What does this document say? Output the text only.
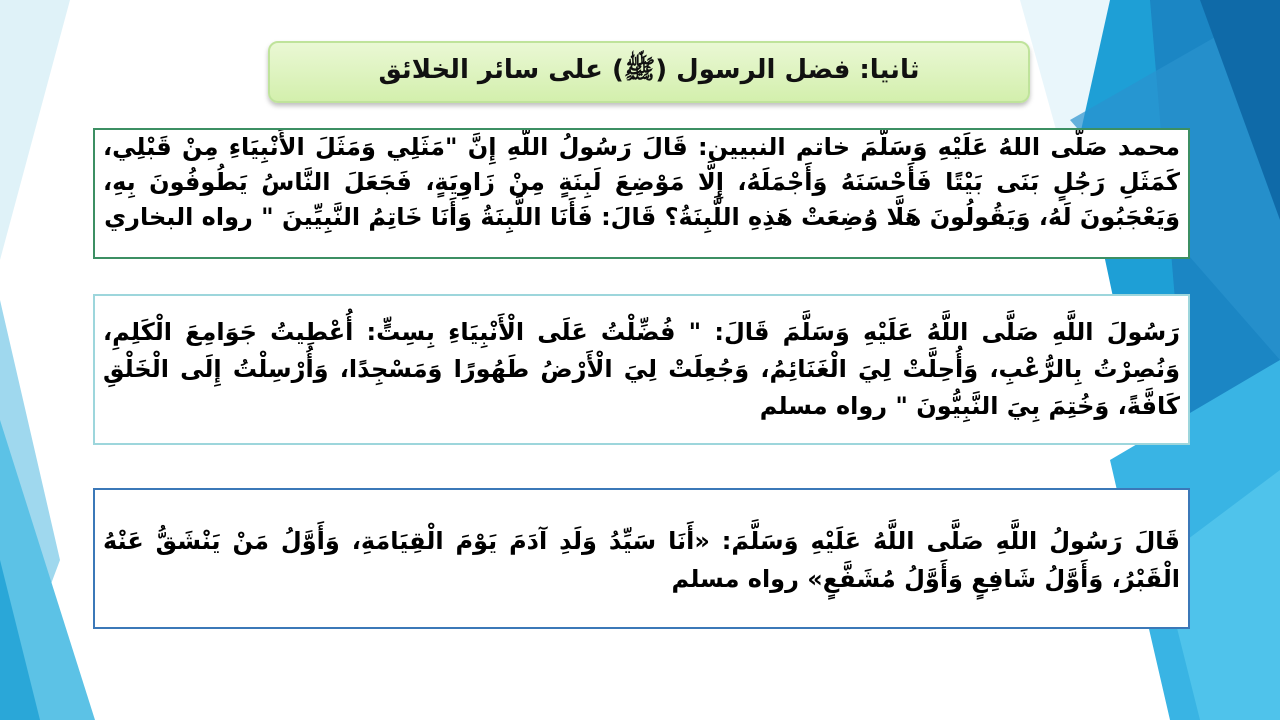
ثانيا: فضل الرسول (ﷺ) على سائر الخلائق
محمد صَلَّى اللهُ عَلَيْهِ وَسَلَّمَ خاتم النبيين: قَالَ رَسُولُ اللَّهِ إِنَّ "مَثَلِي وَمَثَلَ الأَنْبِيَاءِ مِنْ قَبْلِي، كَمَثَلِ رَجُلٍ بَنَى بَيْتًا فَأَحْسَنَهُ وَأَجْمَلَهُ، إِلَّا مَوْضِعَ لَبِنَةٍ مِنْ زَاوِيَةٍ، فَجَعَلَ النَّاسُ يَطُوفُونَ بِهِ، وَيَعْجَبُونَ لَهُ، وَيَقُولُونَ هَلَّا وُضِعَتْ هَذِهِ اللَّبِنَةُ؟ قَالَ: فَأَنَا اللَّبِنَةُ وَأَنَا خَاتِمُ النَّبِيِّينَ " رواه البخاري
رَسُولَ اللَّهِ صَلَّى اللَّهُ عَلَيْهِ وَسَلَّمَ قَالَ: " فُضِّلْتُ عَلَى الْأَنْبِيَاءِ بِسِتٍّ: أُعْطِيتُ جَوَامِعَ الْكَلِمِ، وَنُصِرْتُ بِالرُّعْبِ، وَأُحِلَّتْ لِيَ الْغَنَائِمُ، وَجُعِلَتْ لِيَ الْأَرْضُ طَهُورًا وَمَسْجِدًا، وَأُرْسِلْتُ إِلَى الْخَلْقِ كَافَّةً، وَخُتِمَ بِيَ النَّبِيُّونَ " رواه مسلم
قَالَ رَسُولُ اللَّهِ صَلَّى اللَّهُ عَلَيْهِ وَسَلَّمَ: «أَنَا سَيِّدُ وَلَدِ آدَمَ يَوْمَ الْقِيَامَةِ، وَأَوَّلُ مَنْ يَنْشَقُّ عَنْهُ الْقَبْرُ، وَأَوَّلُ شَافِعٍ وَأَوَّلُ مُشَفَّعٍ» رواه مسلم
